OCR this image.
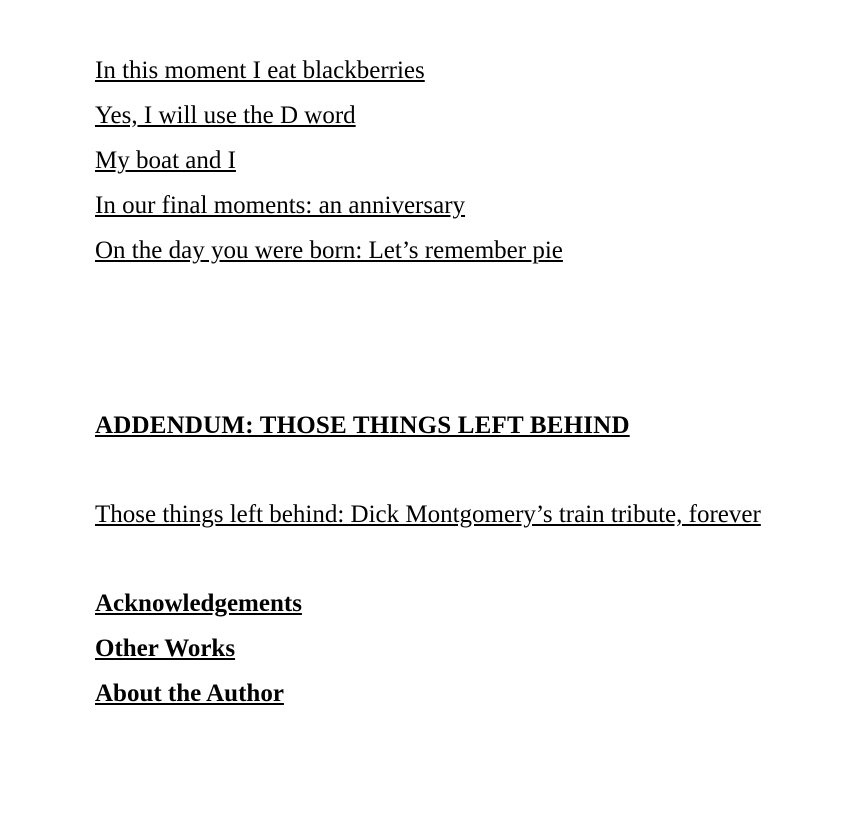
In this moment I eat blackberries
Yes, I will use the D word
My boat and I
In our final moments: an anniversary
On the day you were born: Let’s remember pie
ADDENDUM: THOSE THINGS LEFT BEHIND
Those things left behind: Dick Montgomery’s train tribute, forever
Acknowledgements
Other Works
About the Author
